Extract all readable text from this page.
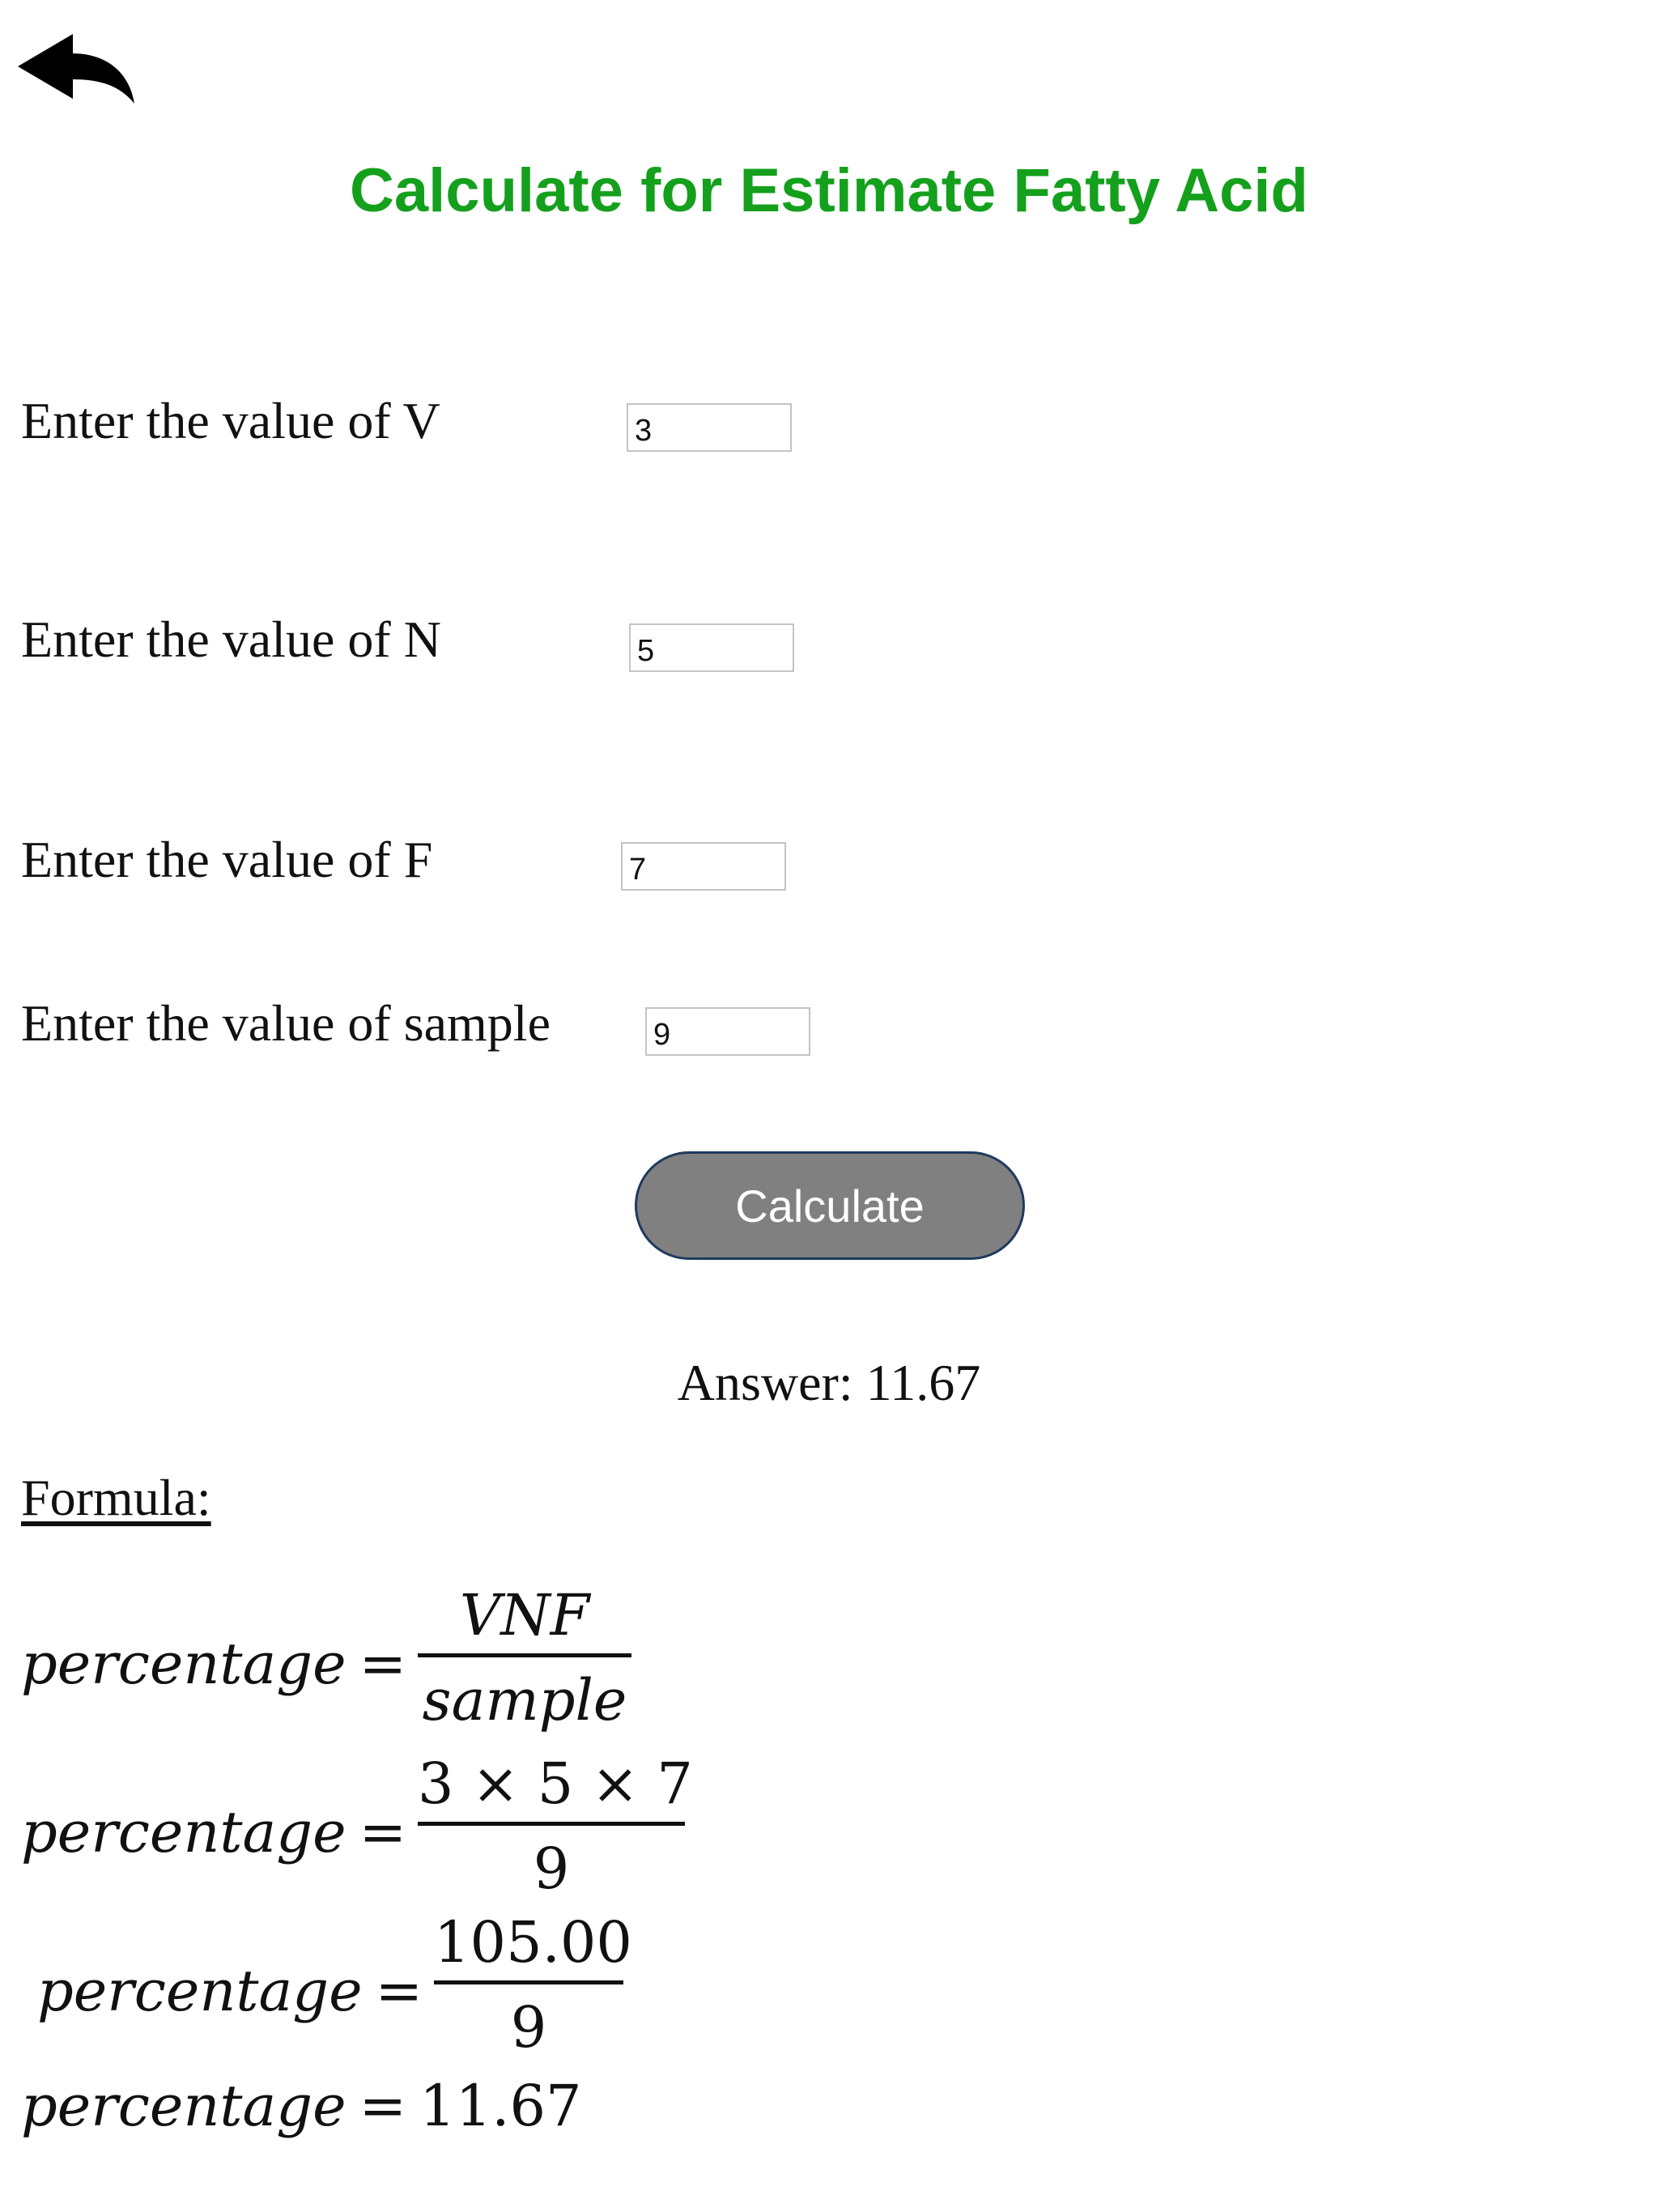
Calculate for Estimate Fatty Acid
Enter the value of V
3
Enter the value of N
5
Enter the value of F
7
Enter the value of sample
9
Calculate
Answer: 11.67
Formula:
percentage =
VNF
sample
percentage =
3 × 5 × 7
9
percentage =
105.00
9
percentage = 11.67
